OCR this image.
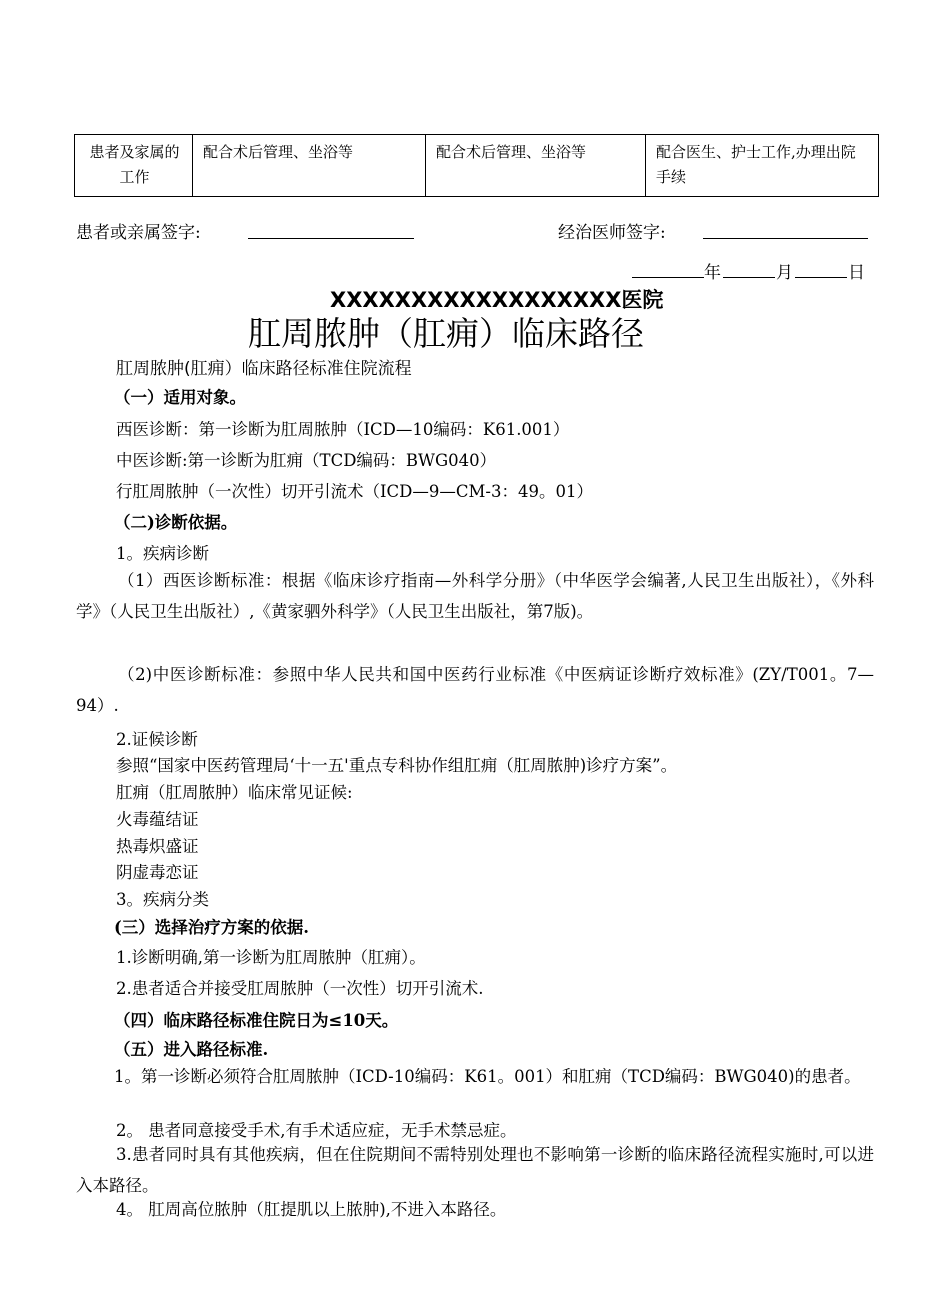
患者及家属的工作	配合术后管理、坐浴等	配合术后管理、坐浴等	配合医生、护士工作,办理出院手续
患者或亲属签字:	经治医师签字:
年	月	日
XXXXXXXXXXXXXXXXXX医院
肛周脓肿（肛痈）临床路径
肛周脓肿(肛痈）临床路径标准住院流程
（一）适用对象。
西医诊断：第一诊断为肛周脓肿（ICD—10编码：K61.001）
中医诊断:第一诊断为肛痈（TCD编码：BWG040）
行肛周脓肿（一次性）切开引流术（ICD—9—CM-3：49。01）
（二)诊断依据。
1。疾病诊断
（1）西医诊断标准：根据《临床诊疗指南—外科学分册》（中华医学会编著,人民卫生出版社），《外科学》（人民卫生出版社）,《黄家驷外科学》（人民卫生出版社，第7版)。
（2)中医诊断标准：参照中华人民共和国中医药行业标准《中医病证诊断疗效标准》(ZY/T001。7—94）.
2.证候诊断
参照“国家中医药管理局‘十一五'重点专科协作组肛痈（肛周脓肿)诊疗方案”。
肛痈（肛周脓肿）临床常见证候:
火毒蕴结证
热毒炽盛证
阴虚毒恋证
3。疾病分类
(三）选择治疗方案的依据.
1.诊断明确,第一诊断为肛周脓肿（肛痈）。
2.患者适合并接受肛周脓肿（一次性）切开引流术.
（四）临床路径标准住院日为≤10天。
（五）进入路径标准.
1。第一诊断必须符合肛周脓肿（ICD-10编码：K61。001）和肛痈（TCD编码：BWG040)的患者。
2。 患者同意接受手术,有手术适应症，无手术禁忌症。
3.患者同时具有其他疾病，但在住院期间不需特别处理也不影响第一诊断的临床路径流程实施时,可以进入本路径。
4。 肛周高位脓肿（肛提肌以上脓肿),不进入本路径。
